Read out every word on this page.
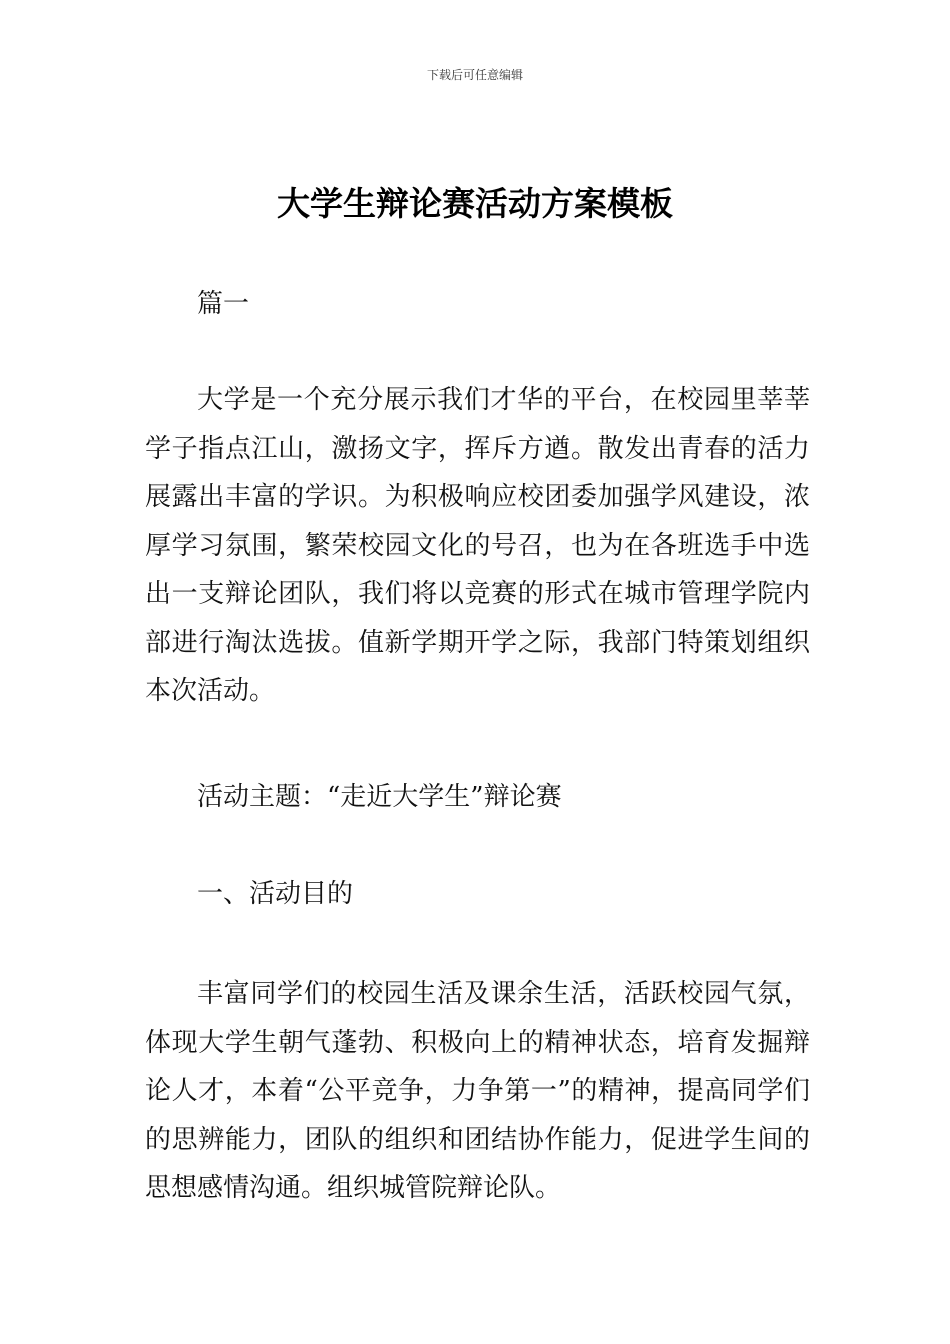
下载后可任意编辑
大学生辩论赛活动方案模板

篇一

大学是一个充分展示我们才华的平台，在校园里莘莘学子指点江山，激扬文字，挥斥方遒。散发出青春的活力展露出丰富的学识。为积极响应校团委加强学风建设，浓厚学习氛围，繁荣校园文化的号召，也为在各班选手中选出一支辩论团队，我们将以竞赛的形式在城市管理学院内部进行淘汰选拔。值新学期开学之际，我部门特策划组织本次活动。

活动主题：“走近大学生”辩论赛

一、活动目的

丰富同学们的校园生活及课余生活，活跃校园气氛，体现大学生朝气蓬勃、积极向上的精神状态，培育发掘辩论人才，本着“公平竞争，力争第一”的精神，提高同学们的思辨能力，团队的组织和团结协作能力，促进学生间的思想感情沟通。组织城管院辩论队。
